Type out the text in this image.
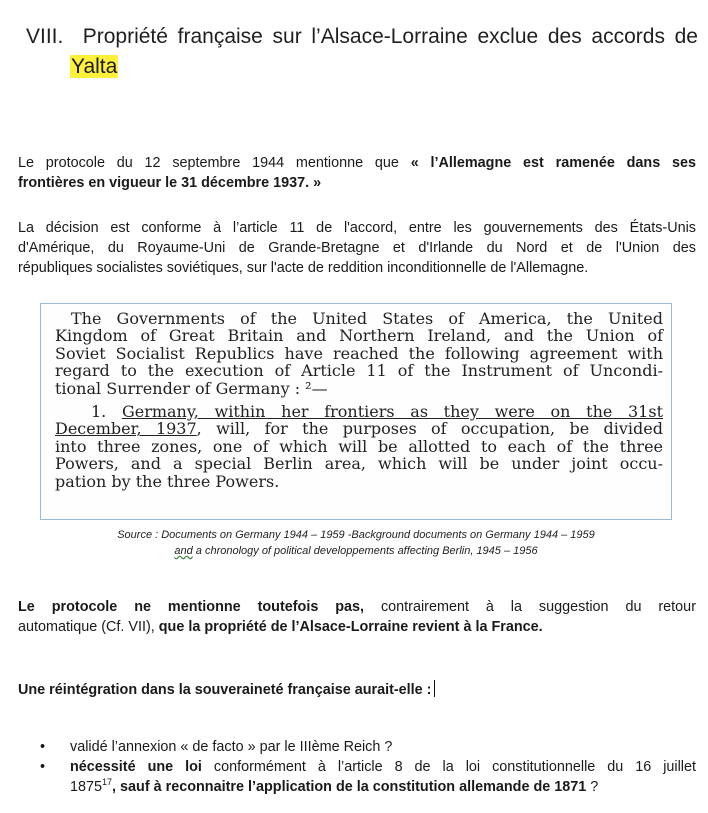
VIII. Propriété française sur l’Alsace-Lorraine exclue des accords de
Yalta
Le protocole du 12 septembre 1944 mentionne que « l’Allemagne est ramenée dans ses
frontières en vigueur le 31 décembre 1937. »
La décision est conforme à l’article 11 de l'accord, entre les gouvernements des États-Unis
d'Amérique, du Royaume-Uni de Grande-Bretagne et d'Irlande du Nord et de l'Union des
républiques socialistes soviétiques, sur l'acte de reddition inconditionnelle de l'Allemagne.
The Governments of the United States of America, the United
Kingdom of Great Britain and Northern Ireland, and the Union of
Soviet Socialist Republics have reached the following agreement with
regard to the execution of Article 11 of the Instrument of Uncondi-
tional Surrender of Germany : ²—
1. Germany, within her frontiers as they were on the 31st
December, 1937, will, for the purposes of occupation, be divided
into three zones, one of which will be allotted to each of the three
Powers, and a special Berlin area, which will be under joint occu-
pation by the three Powers.
Source : Documents on Germany 1944 – 1959 -Background documents on Germany 1944 – 1959
and a chronology of political developpements affecting Berlin, 1945 – 1956
Le protocole ne mentionne toutefois pas, contrairement à la suggestion du retour
automatique (Cf. VII), que la propriété de l’Alsace-Lorraine revient à la France.
Une réintégration dans la souveraineté française aurait-elle :
• validé l’annexion « de facto » par le IIIème Reich ?
• nécessité une loi conformément à l’article 8 de la loi constitutionnelle du 16 juillet
1875$^{17}$, sauf à reconnaitre l’application de la constitution allemande de 1871 ?
